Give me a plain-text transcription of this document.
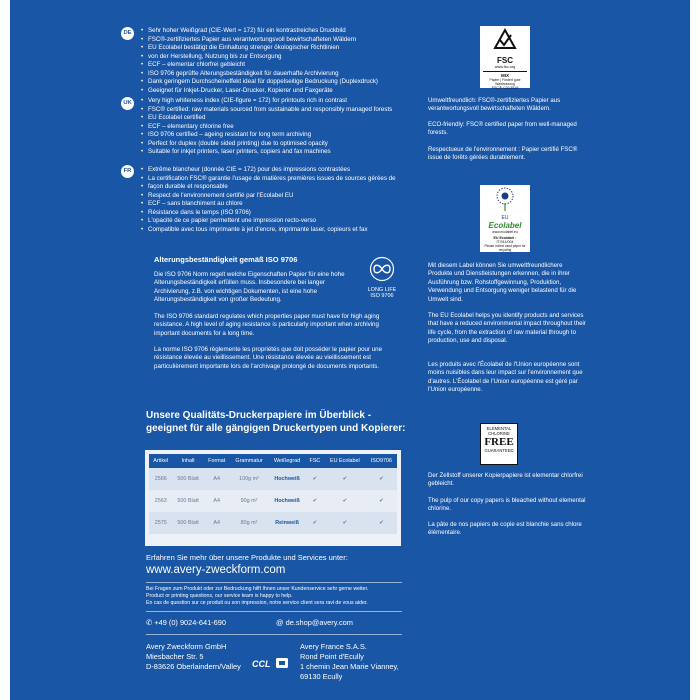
DE	• Sehr hoher Weißgrad (CIE-Wert = 172) für ein kontrastreiches Druckbild
• FSC®-zertifiziertes Papier aus verantwortungsvoll bewirtschafteten Wäldern
• EU Ecolabel bestätigt die Einhaltung strenger ökologischer Richtlinien
• von der Herstellung, Nutzung bis zur Entsorgung
• ECF – elementar chlorfrei gebleicht
• ISO 9706 geprüfte Alterungsbeständigkeit für dauerhafte Archivierung
• Dank geringem Durchscheineffekt ideal für doppelseitige Bedruckung (Duplexdruck)
• Geeignet für Inkjet-Drucker, Laser-Drucker, Kopierer und Faxgeräte
UK	• Very high whiteness index (CIE-figure = 172) for printouts rich in contrast
• FSC® certified: raw materials sourced from sustainable and responsibly managed forests
• EU Ecolabel certified
• ECF – elementary chlorine free
• ISO 9706 certified – ageing resistant for long term archiving
• Perfect for duplex (double sided printing) due to optimised opacity
• Suitable for inkjet printers, laser printers, copiers and fax machines
FR	• Extrême blancheur (donnée CIE = 172) pour des impressions contrastées
• La certification FSC® garantie l'usage de matières premières issues de sources gérées de
• façon durable et responsable
• Respect de l'environnement certifié par l'Ecolabel EU
• ECF – sans blanchiment au chlore
• Résistance dans le temps (ISO 9706)
• L'opacité de ce papier permettent une impression recto-verso
• Compatible avec tous imprimante à jet d'encre, imprimante laser, copieurs et fax
FSC
www.fsc.org
MIX
Papier | Fördert gute Waldnutzung
FSC® C013519
Umweltfreundlich: FSC®-zertifiziertes Papier aus verantwortungsvoll bewirtschafteten Wäldern.
ECO-friendly: FSC® certified paper from well-managed forests.
Respectueux de l'environnement : Papier certifié FSC® issue de forêts gérées durablement.
EU
Ecolabel
www.ecolabel.eu
EU Ecolabel :
IT/011/004
Please collect used paper for recycling
Mit diesem Label können Sie umweltfreundlichere Produkte und Dienstleistungen erkennen, die in ihrer Ausführung bzw. Rohstoffgewinnung, Produktion, Verwendung und Entsorgung weniger belastend für die Umwelt sind.
The EU Ecolabel helps you identify products and services that have a reduced environmental impact throughout their life cycle, from the extraction of raw material through to production, use and disposal.
Les produits avec l'Écolabel de l'Union européenne sont moins nuisibles dans leur impact sur l'environnement que d'autres. L'Écolabel de l'Union européenne est géré par l'Union européenne.
Alterungsbeständigkeit gemäß ISO 9706
Die ISO 9706 Norm regelt welche Eigenschaften Papier für eine hohe Alterungsbeständigkeit erfüllen muss. Insbesondere bei langer Archivierung, z.B. von wichtigen Dokumenten, ist eine hohe Alterungsbeständigkeit von großer Bedeutung.
The ISO 9706 standard regulates which properties paper must have for high aging resistance. A high level of aging resistance is particularly important when archiving important documents for a long time.
La norme ISO 9706 règlemente les propriétés que doit posséder le papier pour une résistance élevée au vieillissement. Une résistance élevée au vieillissement est particulièrement importante lors de l'archivage prolongé de documents importants.
LONG LIFE
ISO 9706
ELEMENTAL
CHLORINE
FREE
GUARANTEED
Der Zellstoff unserer Kopierpapiere ist elementar chlorfrei gebleicht.
The pulp of our copy papers is bleached without elemental chlorine.
La pâte de nos papiers de copie est blanchie sans chlore élémentaire.
Unsere Qualitäts-Druckerpapiere im Überblick -
geeignet für alle gängigen Druckertypen und Kopierer:
Artikel	Inhalt	Format	Grammatur	Weißegrad	FSC	EU Ecolabel	ISO9706
2566	500 Blatt	A4	100g m²	Hochweiß	✔	✔	✔
2563	500 Blatt	A4	90g m²	Hochweiß	✔	✔	✔
2575	500 Blatt	A4	80g m²	Reinweiß	✔	✔	✔
Erfahren Sie mehr über unsere Produkte und Services unter:
www.avery-zweckform.com
Bei Fragen zum Produkt oder zur Bedruckung hilft Ihnen unser Kundenservice sehr gerne weiter.
Product or printing questions, our service team is happy to help.
En cas de question sur ce produit ou son impression, notre service client sera ravi de vous aider.
✆ +49 (0) 9024-641-690	@ de.shop@avery.com
Avery Zweckform GmbH
Miesbacher Str. 5
D-83626 Oberlaindern/Valley CCL
Avery France S.A.S.
Rond Point d'Ecully
1 chemin Jean Marie Vianney,
69130 Ecully
